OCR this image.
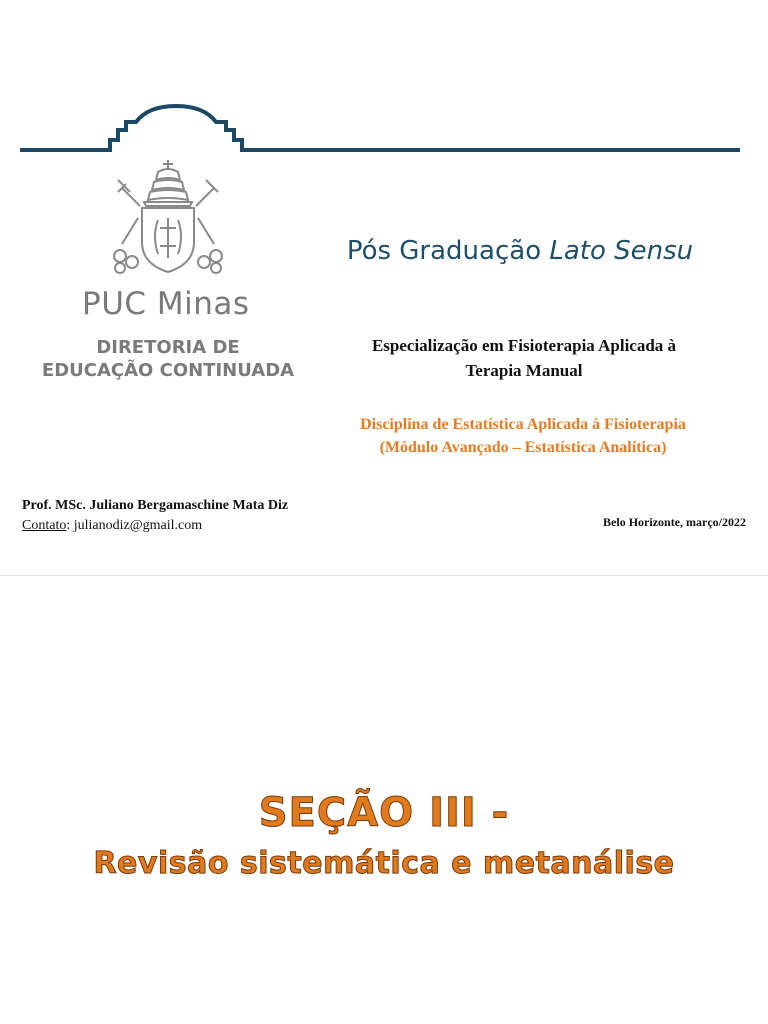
PUC Minas
DIRETORIA DE
EDUCAÇÃO CONTINUADA
Pós Graduação Lato Sensu
Especialização em Fisioterapia Aplicada à
Terapia Manual
Disciplina de Estatística Aplicada à Fisioterapia
(Módulo Avançado – Estatística Analítica)
Prof. MSc. Juliano Bergamaschine Mata Diz
Contato: julianodiz@gmail.com	Belo Horizonte, março/2022
SEÇÃO III -
Revisão sistemática e metanálise
